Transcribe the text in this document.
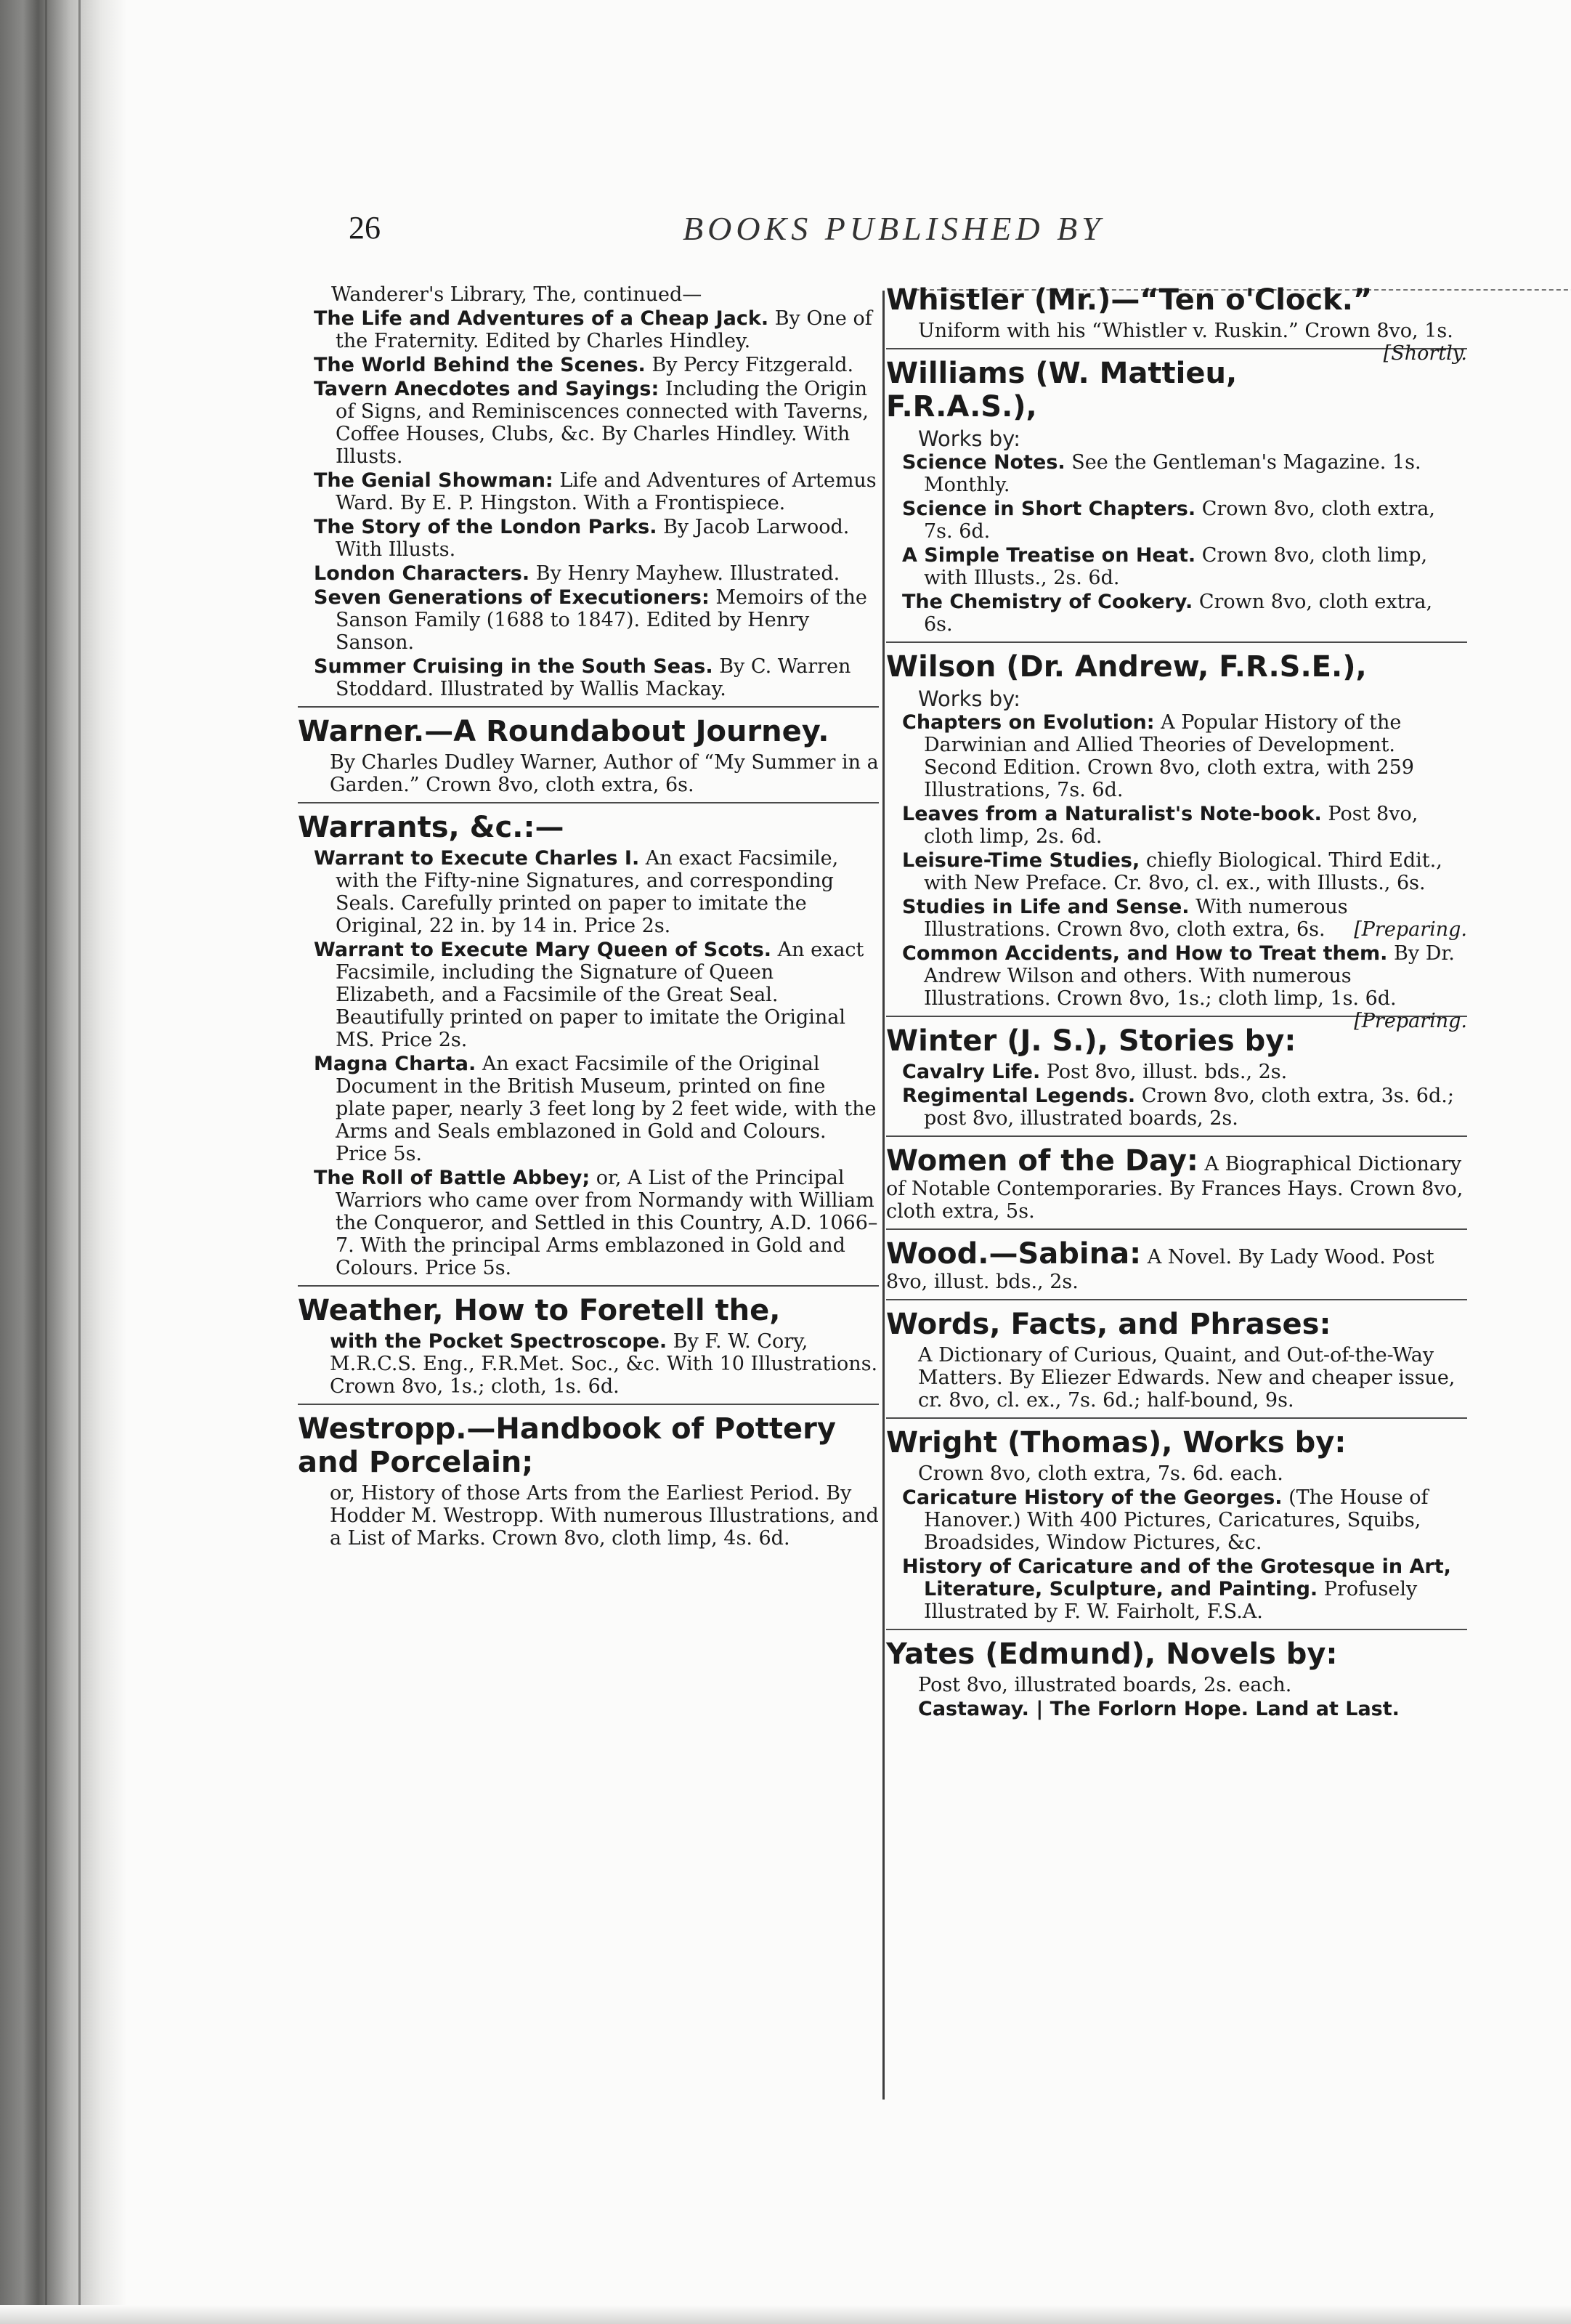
26	BOOKS PUBLISHED BY
Wanderer's Library, The, continued—
The Life and Adventures of a Cheap Jack. By One of the Fraternity. Edited by Charles Hindley.
The World Behind the Scenes. By Percy Fitzgerald.
Tavern Anecdotes and Sayings: Including the Origin of Signs, and Reminiscences connected with Taverns, Coffee Houses, Clubs, &c. By Charles Hindley. With Illusts.
The Genial Showman: Life and Adventures of Artemus Ward. By E. P. Hingston. With a Frontispiece.
The Story of the London Parks. By Jacob Larwood. With Illusts.
London Characters. By Henry Mayhew. Illustrated.
Seven Generations of Executioners: Memoirs of the Sanson Family (1688 to 1847). Edited by Henry Sanson.
Summer Cruising in the South Seas. By C. Warren Stoddard. Illustrated by Wallis Mackay.
Warner.—A Roundabout Journey.
By Charles Dudley Warner, Author of “My Summer in a Garden.” Crown 8vo, cloth extra, 6s.
Warrants, &c.:—
Warrant to Execute Charles I. An exact Facsimile, with the Fifty-nine Signatures, and corresponding Seals. Carefully printed on paper to imitate the Original, 22 in. by 14 in. Price 2s.
Warrant to Execute Mary Queen of Scots. An exact Facsimile, including the Signature of Queen Elizabeth, and a Facsimile of the Great Seal. Beautifully printed on paper to imitate the Original MS. Price 2s.
Magna Charta. An exact Facsimile of the Original Document in the British Museum, printed on fine plate paper, nearly 3 feet long by 2 feet wide, with the Arms and Seals emblazoned in Gold and Colours. Price 5s.
The Roll of Battle Abbey; or, A List of the Principal Warriors who came over from Normandy with William the Conqueror, and Settled in this Country, A.D. 1066–7. With the principal Arms emblazoned in Gold and Colours. Price 5s.
Weather, How to Foretell the,
with the Pocket Spectroscope. By F. W. Cory, M.R.C.S. Eng., F.R.Met. Soc., &c. With 10 Illustrations. Crown 8vo, 1s.; cloth, 1s. 6d.
Westropp.—Handbook of Pottery and Porcelain;
or, History of those Arts from the Earliest Period. By Hodder M. Westropp. With numerous Illustrations, and a List of Marks. Crown 8vo, cloth limp, 4s. 6d.
Whistler (Mr.)—“Ten o'Clock.”
Uniform with his “Whistler v. Ruskin.” Crown 8vo, 1s.
[Shortly.
Williams (W. Mattieu, F.R.A.S.),
Works by:
Science Notes. See the Gentleman's Magazine. 1s. Monthly.
Science in Short Chapters. Crown 8vo, cloth extra, 7s. 6d.
A Simple Treatise on Heat. Crown 8vo, cloth limp, with Illusts., 2s. 6d.
The Chemistry of Cookery. Crown 8vo, cloth extra, 6s.
Wilson (Dr. Andrew, F.R.S.E.),
Works by:
Chapters on Evolution: A Popular History of the Darwinian and Allied Theories of Development. Second Edition. Crown 8vo, cloth extra, with 259 Illustrations, 7s. 6d.
Leaves from a Naturalist's Note-book. Post 8vo, cloth limp, 2s. 6d.
Leisure-Time Studies, chiefly Biological. Third Edit., with New Preface. Cr. 8vo, cl. ex., with Illusts., 6s.
Studies in Life and Sense. With numerous Illustrations. Crown 8vo, cloth extra, 6s. [Preparing.
Common Accidents, and How to Treat them. By Dr. Andrew Wilson and others. With numerous Illustrations. Crown 8vo, 1s.; cloth limp, 1s. 6d.
[Preparing.
Winter (J. S.), Stories by:
Cavalry Life. Post 8vo, illust. bds., 2s.
Regimental Legends. Crown 8vo, cloth extra, 3s. 6d.; post 8vo, illustrated boards, 2s.
Women of the Day: A Biographical Dictionary of Notable Contemporaries. By Frances Hays. Crown 8vo, cloth extra, 5s.
Wood.—Sabina: A Novel. By Lady Wood. Post 8vo, illust. bds., 2s.
Words, Facts, and Phrases:
A Dictionary of Curious, Quaint, and Out-of-the-Way Matters. By Eliezer Edwards. New and cheaper issue, cr. 8vo, cl. ex., 7s. 6d.; half-bound, 9s.
Wright (Thomas), Works by:
Crown 8vo, cloth extra, 7s. 6d. each.
Caricature History of the Georges. (The House of Hanover.) With 400 Pictures, Caricatures, Squibs, Broadsides, Window Pictures, &c.
History of Caricature and of the Grotesque in Art, Literature, Sculpture, and Painting. Profusely Illustrated by F. W. Fairholt, F.S.A.
Yates (Edmund), Novels by:
Post 8vo, illustrated boards, 2s. each.
Castaway. | The Forlorn Hope. Land at Last.
